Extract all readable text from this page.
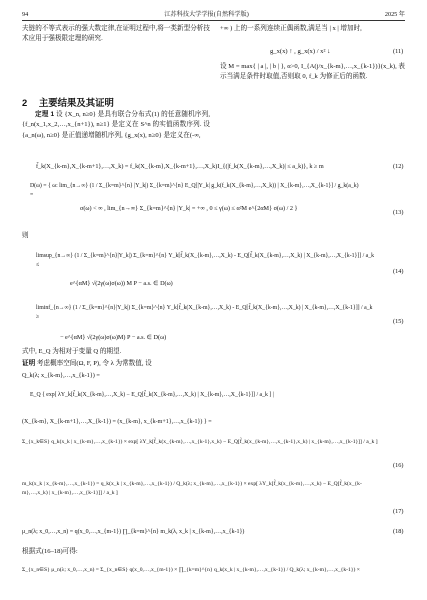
94	江苏科技大学学报(自然科学版)	2025 年

夫链的不等式表示的强大数定律,在证明过程中,将一类新型分析技术应用于强极限定理的研究.

+∞ ) 上的一系列连续正偶函数,满足当 | x | 增加时,

g_x(x) ↑ , g_x(x) / x² ↓	(11)

设 M = max{ | a |, | b | }, α>0, I_{A(j/x_{k-m},…,x_{k-1})}(x_k), 表示当满足条件时取值,否则取 0, f_k 为修正后的函数.

2 主要结果及其证明

定理 1 设 {X_n, n≥0} 是具有联合分布式(1) 的任意随机序列, {f_n(x_1,x_2,…,x_{n+1}), n≥1} 是定义在 S^n 的实值函数序列. 设 {a_n(ω), n≥0} 是正值递增随机序列, {g_x(x), n≥0} 是定义在(-∞,

f̃_k(X_{k-m},X_{k-m+1},…,X_k) = f_k(X_{k-m},X_{k-m+1},…,X_k)I_{(|f_k(X_{k-m},…,X_k)| ≤ a_k)}, k ≥ m	(12)
D(ω) = { ω: lim_{n→∞} (1 / Σ_{k=m}^{n} |Y_k|) Σ_{k=m}^{n} E_Q[|Y_k| g_k(f_k(X_{k-m},…,X_k)) | X_{k-m},…,X_{k-1}] / g_k(a_k) =
σ(ω) < ∞ , lim_{n→∞} Σ_{k=m}^{n} |Y_k| = +∞ , 0 ≤ γ(ω) ≤ α²M e^{2αM} σ(ω) / 2 }
(13)
则
limsup_{n→∞} (1 / Σ_{k=m}^{n}|Y_k|) Σ_{k=m}^{n} Y_k[f̃_k(X_{k-m},…,X_k) - E_Q[f̃_k(X_{k-m},…,X_k) | X_{k-m},…,X_{k-1}]] / a_k ≤
e^{αM} √(2γ(ω)σ(ω)) M P − a.s. ∈ D(ω)
(14)
liminf_{n→∞} (1 / Σ_{k=m}^{n}|Y_k|) Σ_{k=m}^{n} Y_k[f̃_k(X_{k-m},…,X_k) - E_Q[f̃_k(X_{k-m},…,X_k) | X_{k-m},…,X_{k-1}]] / a_k ≥
− e^{αM} √(2γ(ω)σ(ω)M) P − a.s. ∈ D(ω)
(15)
式中, E_Q 为相对于变量 Q 的期望.
证明 考虑概率空间(Ω, F, P), 令 λ 为常数值, 设
Q_k(λ; x_{k-m},…,x_{k-1}) =
E_Q { exp[ λY_k[f̃_k(X_{k-m},…,X_k) − E_Q[f̃_k(X_{k-m},…,X_k) | X_{k-m},…,X_{k-1}]] / a_k ] |
(X_{k-m}, X_{k-m+1},…,X_{k-1}) = (x_{k-m}, x_{k-m+1},…,x_{k-1}) } =
Σ_{x_k∈S} q_k(x_k | x_{k-m},…,x_{k-1}) × exp[ λY_k[f̃_k(x_{k-m},…,x_{k-1},x_k) − E_Q[f̃_k(x_{k-m},…,x_{k-1},x_k) | x_{k-m},…,x_{k-1}]] / a_k ]
(16)
m_k(x_k | x_{k-m},…,x_{k-1}) = q_k(x_k | x_{k-m},…,x_{k-1}) / Q_k(λ; x_{k-m},…,x_{k-1}) × exp[ λY_k[f̃_k(x_{k-m},…,x_k) − E_Q[f̃_k(x_{k-m},…,x_k) | x_{k-m},…,x_{k-1}]] / a_k ]
(17)
μ_n(λ; x_0,…,x_n) = q(x_0,…,x_{m-1}) ∏_{k=m}^{n} m_k(λ, x_k | x_{k-m},…,x_{k-1})	(18)
根据式(16–18)可得:
Σ_{x_n∈S} μ_n(λ; x_0,…,x_n) = Σ_{x_n∈S} q(x_0,…,x_{m-1}) × ∏_{k=m}^{n} q_k(x_k | x_{k-m},…,x_{k-1}) / Q_k(λ; x_{k-m},…,x_{k-1}) ×
